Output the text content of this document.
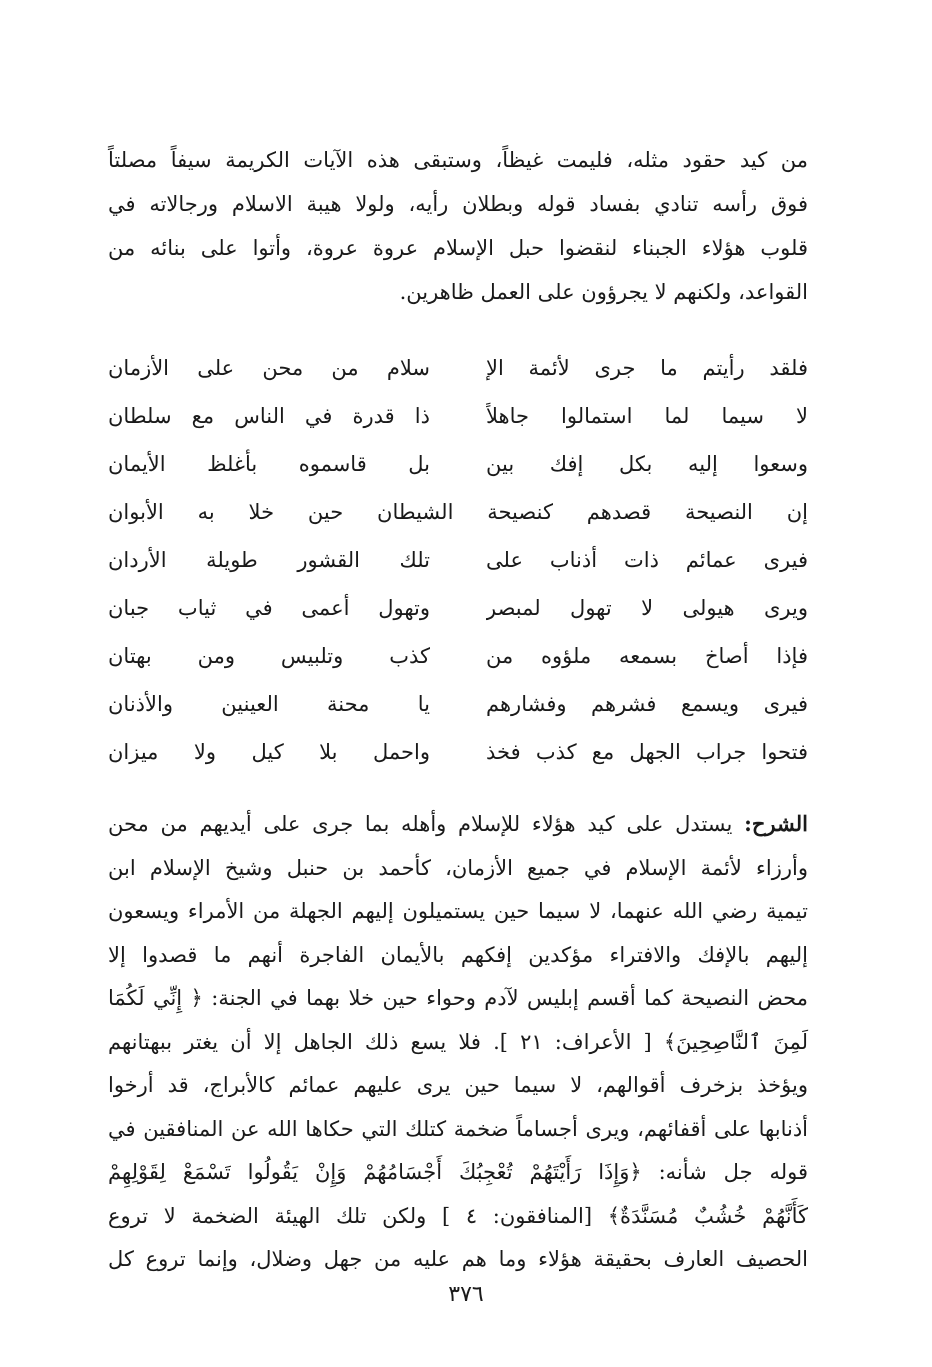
من كيد حقود مثله، فليمت غيظاً، وستبقى هذه الآيات الكريمة سيفاً مصلتاً
فوق رأسه تنادي بفساد قوله وبطلان رأيه، ولولا هيبة الاسلام ورجالاته في
قلوب هؤلاء الجبناء لنقضوا حبل الإسلام عروة عروة، وأتوا على بنائه من
القواعد، ولكنهم لا يجرؤون على العمل ظاهرين.
فلقد رأيتم ما جرى لأئمة الإ
سلام من محن على الأزمان
لا سيما لما استمالوا جاهلاً
ذا قدرة في الناس مع سلطان
وسعوا إليه بكل إفك بين
بل قاسموه بأغلظ الأيمان
إن النصيحة قصدهم كنصيحة الشيطان حين خلا به الأبوان
فيرى عمائم ذات أذناب على
تلك القشور طويلة الأردان
ويرى هيولى لا تهول لمبصر
وتهول أعمى في ثياب جبان
فإذا أصاخ بسمعه ملؤوه من
كذب وتلبيس ومن بهتان
فيرى ويسمع فشرهم وفشارهم
يا محنة العينين والأذنان
فتحوا جراب الجهل مع كذب فخذ
واحمل بلا كيل ولا ميزان
الشرح: يستدل على كيد هؤلاء للإسلام وأهله بما جرى على أيديهم من محن
وأرزاء لأئمة الإسلام في جميع الأزمان، كأحمد بن حنبل وشيخ الإسلام ابن
تيمية رضي الله عنهما، لا سيما حين يستميلون إليهم الجهلة من الأمراء ويسعون
إليهم بالإفك والافتراء مؤكدين إفكهم بالأيمان الفاجرة أنهم ما قصدوا إلا
محض النصيحة كما أقسم إبليس لآدم وحواء حين خلا بهما في الجنة: ﴿ إِنِّي لَكُمَا
لَمِنَ ٱلنَّاصِحِينَ﴾ [ الأعراف: ٢١ ]. فلا يسع ذلك الجاهل إلا أن يغتر ببهتانهم
ويؤخذ بزخرف أقوالهم، لا سيما حين يرى عليهم عمائم كالأبراج، قد أرخوا
أذنابها على أقفائهم، ويرى أجساماً ضخمة كتلك التي حكاها الله عن المنافقين في
قوله جل شأنه: ﴿وَإِذَا رَأَيْتَهُمْ تُعْجِبُكَ أَجْسَامُهُمْ وَإِنْ يَقُولُوا تَسْمَعْ لِقَوْلِهِمْ
كَأَنَّهُمْ خُشُبٌ مُسَنَّدَةٌ﴾ [المنافقون: ٤ ] ولكن تلك الهيئة الضخمة لا تروع
الحصيف العارف بحقيقة هؤلاء وما هم عليه من جهل وضلال، وإنما تروع كل
٣٧٦
